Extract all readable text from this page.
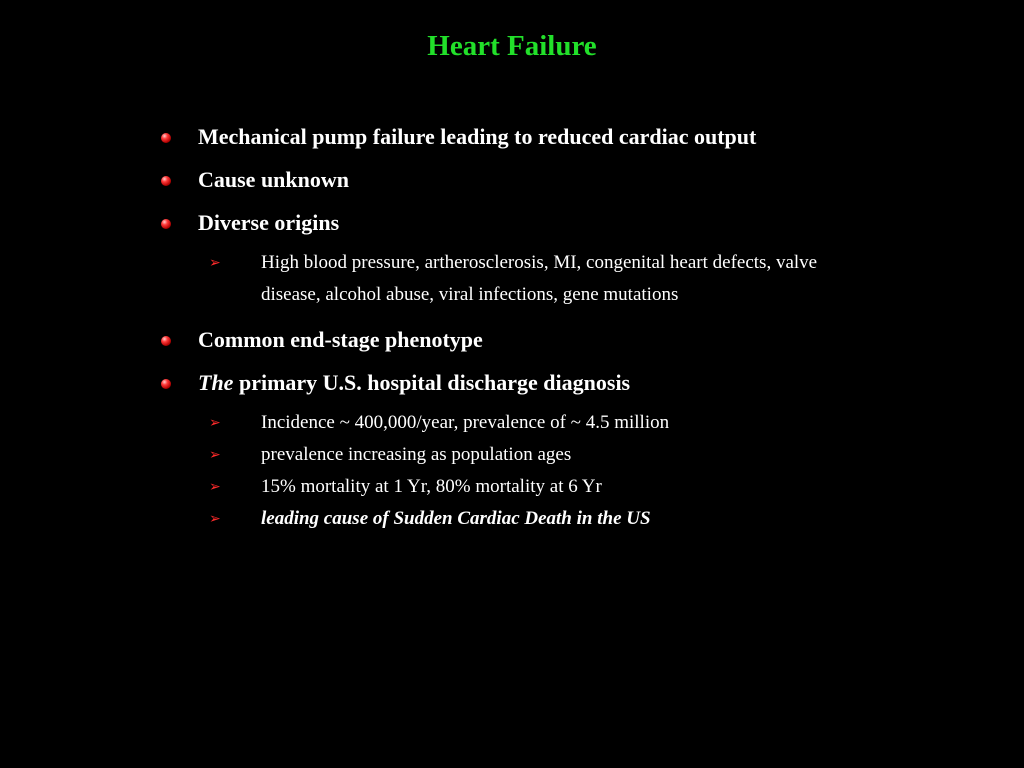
Heart Failure
Mechanical pump failure leading to reduced cardiac output
Cause unknown
Diverse origins
➢	High blood pressure, artherosclerosis, MI, congenital heart defects, valve disease, alcohol abuse, viral infections, gene mutations
Common end-stage phenotype
The primary U.S. hospital discharge diagnosis
➢	Incidence ~ 400,000/year, prevalence of ~ 4.5 million
➢	prevalence increasing as population ages
➢	15% mortality at 1 Yr, 80% mortality at 6 Yr
➢	leading cause of Sudden Cardiac Death in the US
